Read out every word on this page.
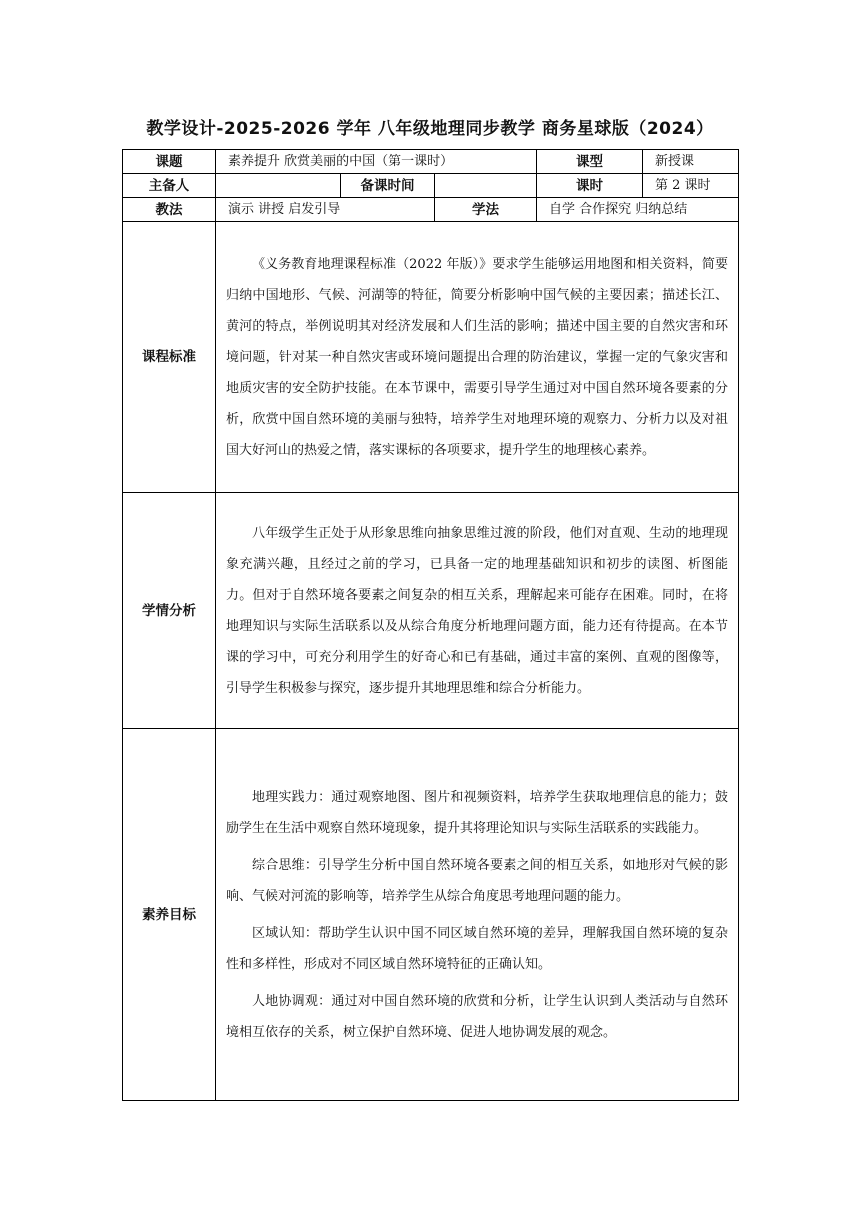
教学设计-2025-2026 学年 八年级地理同步教学 商务星球版（2024）
课题	素养提升 欣赏美丽的中国（第一课时）			课型	新授课
主备人		备课时间		课时	第 2 课时
教法	演示 讲授 启发引导		学法	自学 合作探究 归纳总结	
课程标准	《义务教育地理课程标准（2022 年版）》要求学生能够运用地图和相关资料，简要归纳中国地形、气候、河湖等的特征，简要分析影响中国气候的主要因素；描述长江、黄河的特点，举例说明其对经济发展和人们生活的影响；描述中国主要的自然灾害和环境问题，针对某一种自然灾害或环境问题提出合理的防治建议，掌握一定的气象灾害和地质灾害的安全防护技能。在本节课中，需要引导学生通过对中国自然环境各要素的分析，欣赏中国自然环境的美丽与独特，培养学生对地理环境的观察力、分析力以及对祖国大好河山的热爱之情，落实课标的各项要求，提升学生的地理核心素养。				

学情分析	八年级学生正处于从形象思维向抽象思维过渡的阶段，他们对直观、生动的地理现象充满兴趣，且经过之前的学习，已具备一定的地理基础知识和初步的读图、析图能力。但对于自然环境各要素之间复杂的相互关系，理解起来可能存在困难。同时，在将地理知识与实际生活联系以及从综合角度分析地理问题方面，能力还有待提高。在本节课的学习中，可充分利用学生的好奇心和已有基础，通过丰富的案例、直观的图像等，引导学生积极参与探究，逐步提升其地理思维和综合分析能力。				

素养目标	地理实践力：通过观察地图、图片和视频资料，培养学生获取地理信息的能力；鼓励学生在生活中观察自然环境现象，提升其将理论知识与实际生活联系的实践能力。

综合思维：引导学生分析中国自然环境各要素之间的相互关系，如地形对气候的影响、气候对河流的影响等，培养学生从综合角度思考地理问题的能力。

区域认知：帮助学生认识中国不同区域自然环境的差异，理解我国自然环境的复杂性和多样性，形成对不同区域自然环境特征的正确认知。

人地协调观：通过对中国自然环境的欣赏和分析，让学生认识到人类活动与自然环境相互依存的关系，树立保护自然环境、促进人地协调发展的观念。				
